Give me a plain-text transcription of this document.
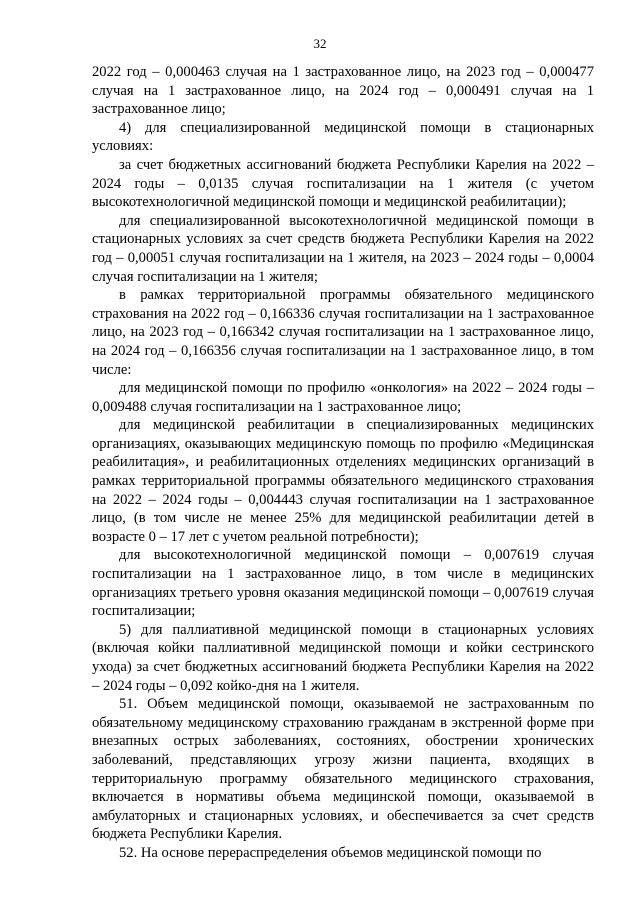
32

2022 год – 0,000463 случая на 1 застрахованное лицо, на 2023 год – 0,000477 случая на 1 застрахованное лицо, на 2024 год – 0,000491 случая на 1 застрахованное лицо;

4) для специализированной медицинской помощи в стационарных условиях:

за счет бюджетных ассигнований бюджета Республики Карелия на 2022 – 2024 годы – 0,0135 случая госпитализации на 1 жителя (с учетом высокотехнологичной медицинской помощи и медицинской реабилитации);

для специализированной высокотехнологичной медицинской помощи в стационарных условиях за счет средств бюджета Республики Карелия на 2022 год – 0,00051 случая госпитализации на 1 жителя, на 2023 – 2024 годы – 0,0004 случая госпитализации на 1 жителя;

в рамках территориальной программы обязательного медицинского страхования на 2022 год – 0,166336 случая госпитализации на 1 застрахованное лицо, на 2023 год – 0,166342 случая госпитализации на 1 застрахованное лицо, на 2024 год – 0,166356 случая госпитализации на 1 застрахованное лицо, в том числе:

для медицинской помощи по профилю «онкология» на 2022 – 2024 годы – 0,009488 случая госпитализации на 1 застрахованное лицо;

для медицинской реабилитации в специализированных медицинских организациях, оказывающих медицинскую помощь по профилю «Медицинская реабилитация», и реабилитационных отделениях медицинских организаций в рамках территориальной программы обязательного медицинского страхования на 2022 – 2024 годы – 0,004443 случая госпитализации на 1 застрахованное лицо, (в том числе не менее 25% для медицинской реабилитации детей в возрасте 0 – 17 лет с учетом реальной потребности);

для высокотехнологичной медицинской помощи – 0,007619 случая госпитализации на 1 застрахованное лицо, в том числе в медицинских организациях третьего уровня оказания медицинской помощи – 0,007619 случая госпитализации;

5) для паллиативной медицинской помощи в стационарных условиях (включая койки паллиативной медицинской помощи и койки сестринского ухода) за счет бюджетных ассигнований бюджета Республики Карелия на 2022 – 2024 годы – 0,092 койко-дня на 1 жителя.

51. Объем медицинской помощи, оказываемой не застрахованным по обязательному медицинскому страхованию гражданам в экстренной форме при внезапных острых заболеваниях, состояниях, обострении хронических заболеваний, представляющих угрозу жизни пациента, входящих в территориальную программу обязательного медицинского страхования, включается в нормативы объема медицинской помощи, оказываемой в амбулаторных и стационарных условиях, и обеспечивается за счет средств бюджета Республики Карелия.

52. На основе перераспределения объемов медицинской помощи по
